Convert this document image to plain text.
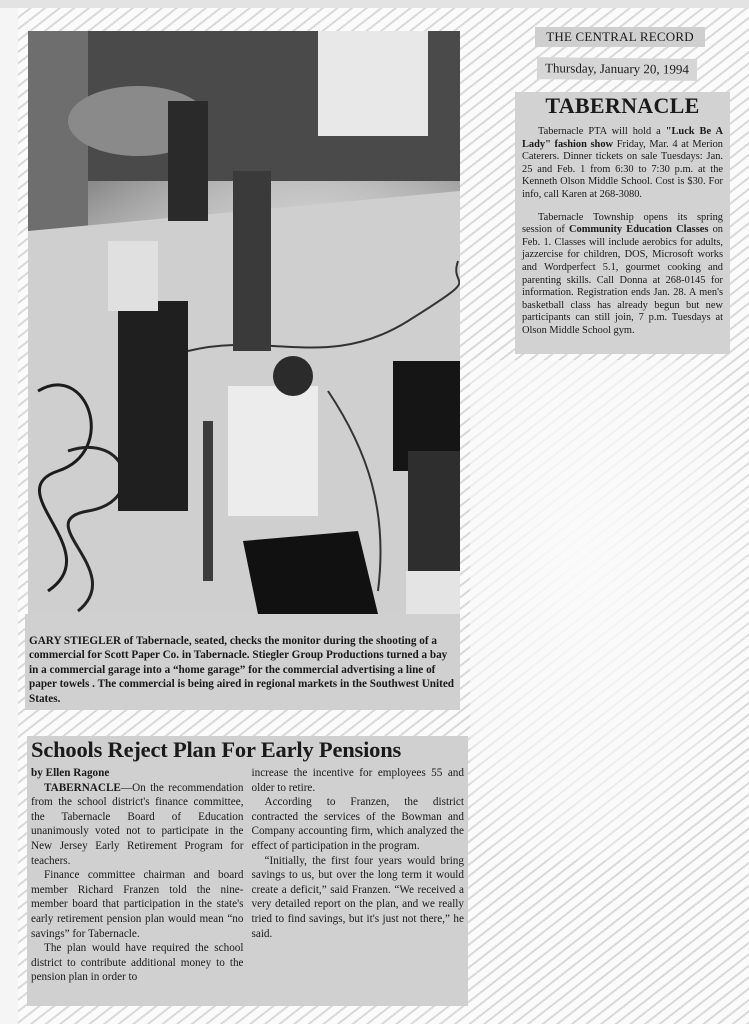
THE CENTRAL RECORD
Thursday, January 20, 1994
TABERNACLE

Tabernacle PTA will hold a "Luck Be A Lady" fashion show Friday, Mar. 4 at Merion Caterers. Dinner tickets on sale Tuesdays: Jan. 25 and Feb. 1 from 6:30 to 7:30 p.m. at the Kenneth Olson Middle School. Cost is $30. For info, call Karen at 268-3080.

Tabernacle Township opens its spring session of Community Education Classes on Feb. 1. Classes will include aerobics for adults, jazzercise for children, DOS, Microsoft works and Wordperfect 5.1, gourmet cooking and parenting skills. Call Donna at 268-0145 for information. Registration ends Jan. 28. A men's basketball class has already begun but new participants can still join, 7 p.m. Tuesdays at Olson Middle School gym.

GARY STIEGLER of Tabernacle, seated, checks the monitor during the shooting of a commercial for Scott Paper Co. in Tabernacle. Stiegler Group Productions turned a bay in a commercial garage into a “home garage” for the commercial advertising a line of paper towels . The commercial is being aired in regional markets in the Southwest United States.

Schools Reject Plan For Early Pensions

by Ellen Ragone

TABERNACLE—On the recommendation from the school district's finance committee, the Tabernacle Board of Education unanimously voted not to participate in the New Jersey Early Retirement Program for teachers.

Finance committee chairman and board member Richard Franzen told the nine-member board that participation in the state's early retirement pension plan would mean “no savings” for Tabernacle.

The plan would have required the school district to contribute additional money to the pension plan in order to

increase the incentive for employees 55 and older to retire.

According to Franzen, the district contracted the services of the Bowman and Company accounting firm, which analyzed the effect of participation in the program.

“Initially, the first four years would bring savings to us, but over the long term it would create a deficit,” said Franzen. “We received a very detailed report on the plan, and we really tried to find savings, but it's just not there,” he said.
